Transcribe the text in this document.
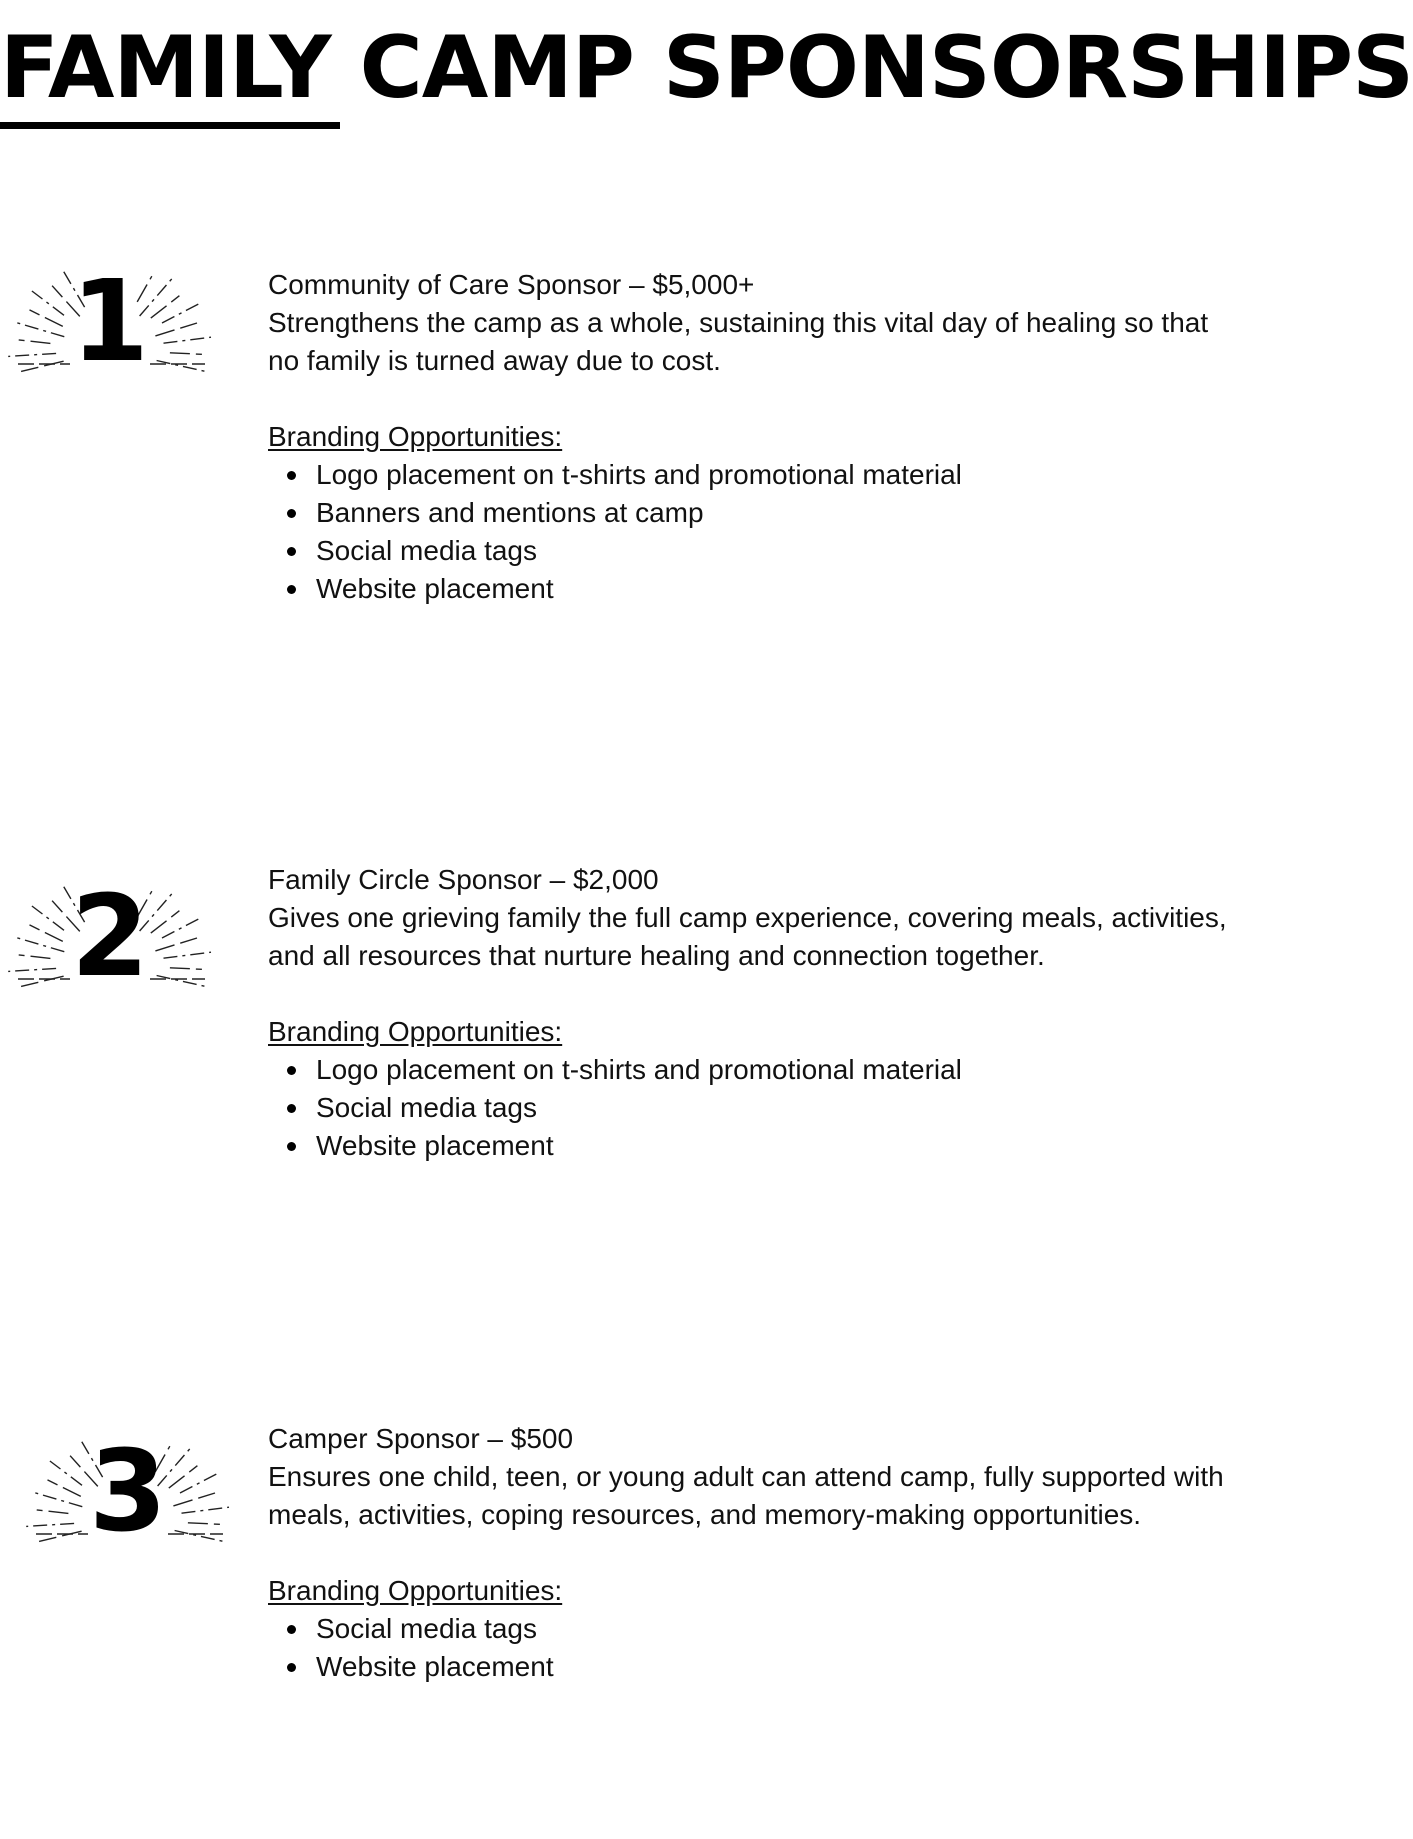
FAMILY CAMP SPONSORSHIPS
1	Community of Care Sponsor – $5,000+

Strengthens the camp as a whole, sustaining this vital day of healing so that no family is turned away due to cost.

Branding Opportunities:

Logo placement on t-shirts and promotional material
Banners and mentions at camp
Social media tags
Website placement
2	Family Circle Sponsor – $2,000

Gives one grieving family the full camp experience, covering meals, activities, and all resources that nurture healing and connection together.

Branding Opportunities:

Logo placement on t-shirts and promotional material
Social media tags
Website placement
3	Camper Sponsor – $500

Ensures one child, teen, or young adult can attend camp, fully supported with meals, activities, coping resources, and memory-making opportunities.

Branding Opportunities:

Social media tags
Website placement
